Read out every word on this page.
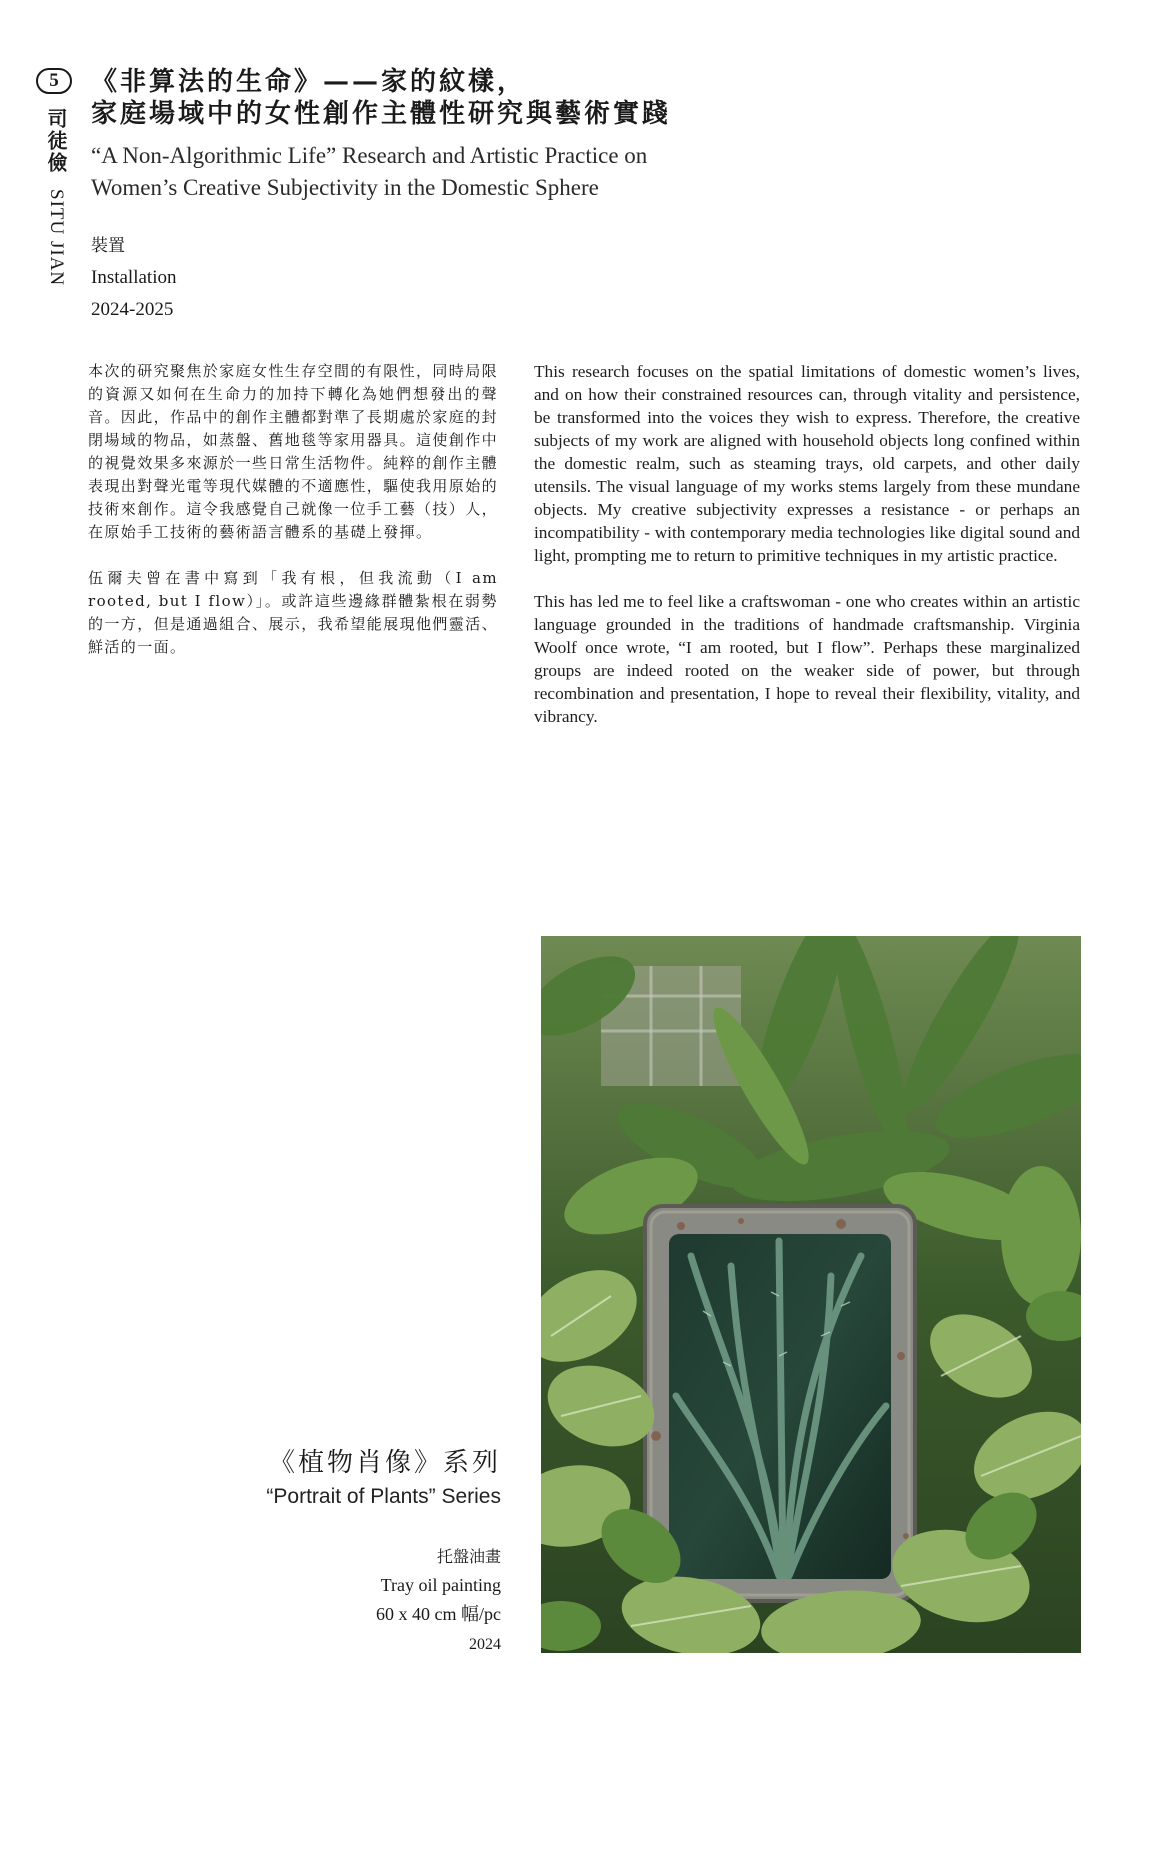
5
司徒儉 SITU JIAN
《非算法的生命》——家的紋樣，
家庭場域中的女性創作主體性研究與藝術實踐
“A Non-Algorithmic Life” Research and Artistic Practice on
Women’s Creative Subjectivity in the Domestic Sphere
裝置
Installation
2024-2025

本次的研究聚焦於家庭女性生存空間的有限性，同時局限的資源又如何在生命力的加持下轉化為她們想發出的聲音。因此，作品中的創作主體都對準了長期處於家庭的封閉場域的物品，如蒸盤、舊地毯等家用器具。這使創作中的視覺效果多來源於一些日常生活物件。純粹的創作主體表現出對聲光電等現代媒體的不適應性，驅使我用原始的技術來創作。這令我感覺自己就像一位手工藝（技）人，在原始手工技術的藝術語言體系的基礎上發揮。

伍爾夫曾在書中寫到「我有根，但我流動（I am rooted, but I flow）」。或許這些邊緣群體紮根在弱勢的一方，但是通過組合、展示，我希望能展現他們靈活、鮮活的一面。

This research focuses on the spatial limitations of domestic women’s lives, and on how their constrained resources can, through vitality and persistence, be transformed into the voices they wish to express. Therefore, the creative subjects of my work are aligned with household objects long confined within the domestic realm, such as steaming trays, old carpets, and other daily utensils. The visual language of my works stems largely from these mundane objects. My creative subjectivity expresses a resistance - or perhaps an incompatibility - with contemporary media technologies like digital sound and light, prompting me to return to primitive techniques in my artistic practice.

This has led me to feel like a craftswoman - one who creates within an artistic language grounded in the traditions of handmade craftsmanship. Virginia Woolf once wrote, “I am rooted, but I flow”. Perhaps these marginalized groups are indeed rooted on the weaker side of power, but through recombination and presentation, I hope to reveal their flexibility, vitality, and vibrancy.

《植物肖像》系列
“Portrait of Plants” Series
托盤油畫
Tray oil painting
60 x 40 cm 幅/pc
2024
